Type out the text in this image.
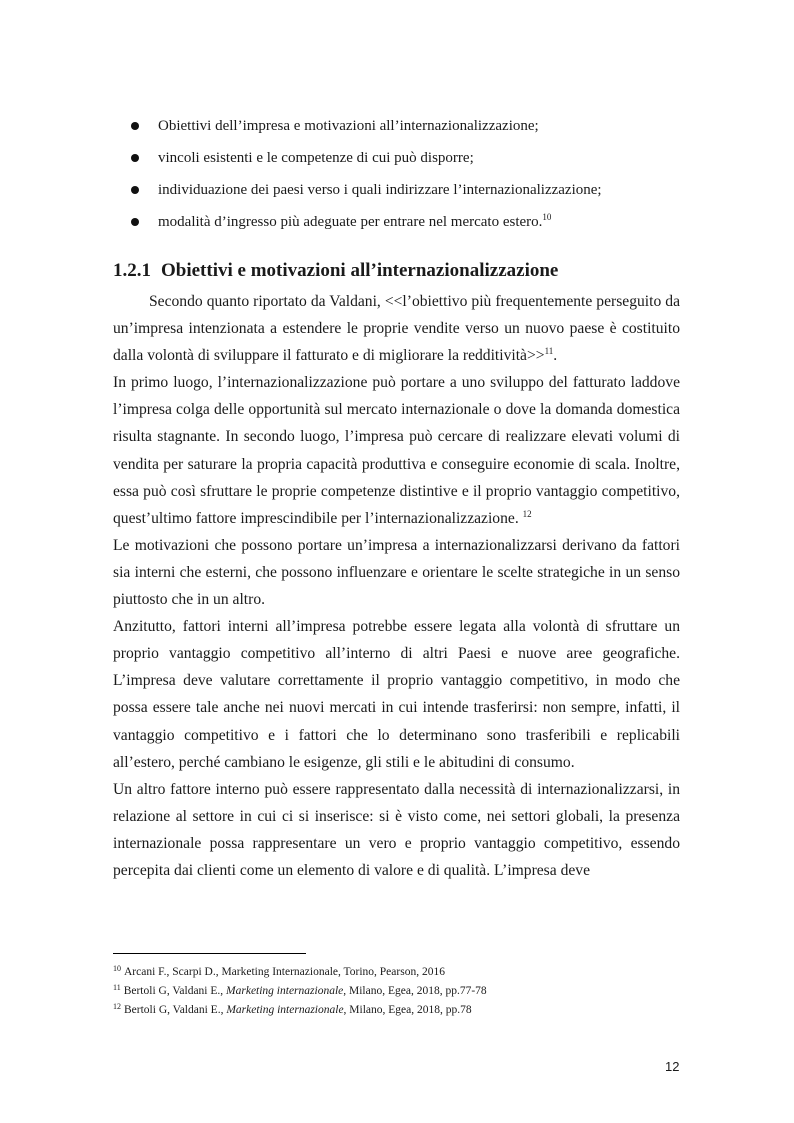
Obiettivi dell’impresa e motivazioni all’internazionalizzazione;
vincoli esistenti e le competenze di cui può disporre;
individuazione dei paesi verso i quali indirizzare l’internazionalizzazione;
modalità d’ingresso più adeguate per entrare nel mercato estero.$^{10}$
1.2.1 Obiettivi e motivazioni all’internazionalizzazione

Secondo quanto riportato da Valdani, <<l’obiettivo più frequentemente perseguito da un’impresa intenzionata a estendere le proprie vendite verso un nuovo paese è costituito dalla volontà di sviluppare il fatturato e di migliorare la redditività>>$^{11}$.

In primo luogo, l’internazionalizzazione può portare a uno sviluppo del fatturato laddove l’impresa colga delle opportunità sul mercato internazionale o dove la domanda domestica risulta stagnante. In secondo luogo, l’impresa può cercare di realizzare elevati volumi di vendita per saturare la propria capacità produttiva e conseguire economie di scala. Inoltre, essa può così sfruttare le proprie competenze distintive e il proprio vantaggio competitivo, quest’ultimo fattore imprescindibile per l’internazionalizzazione. $^{12}$

Le motivazioni che possono portare un’impresa a internazionalizzarsi derivano da fattori sia interni che esterni, che possono influenzare e orientare le scelte strategiche in un senso piuttosto che in un altro.

Anzitutto, fattori interni all’impresa potrebbe essere legata alla volontà di sfruttare un proprio vantaggio competitivo all’interno di altri Paesi e nuove aree geografiche. L’impresa deve valutare correttamente il proprio vantaggio competitivo, in modo che possa essere tale anche nei nuovi mercati in cui intende trasferirsi: non sempre, infatti, il vantaggio competitivo e i fattori che lo determinano sono trasferibili e replicabili all’estero, perché cambiano le esigenze, gli stili e le abitudini di consumo.

Un altro fattore interno può essere rappresentato dalla necessità di internazionalizzarsi, in relazione al settore in cui ci si inserisce: si è visto come, nei settori globali, la presenza internazionale possa rappresentare un vero e proprio vantaggio competitivo, essendo percepita dai clienti come un elemento di valore e di qualità. L’impresa deve

$^{10}$ Arcani F., Scarpi D., Marketing Internazionale, Torino, Pearson, 2016
$^{11}$ Bertoli G, Valdani E., Marketing internazionale, Milano, Egea, 2018, pp.77-78
$^{12}$ Bertoli G, Valdani E., Marketing internazionale, Milano, Egea, 2018, pp.78
12
